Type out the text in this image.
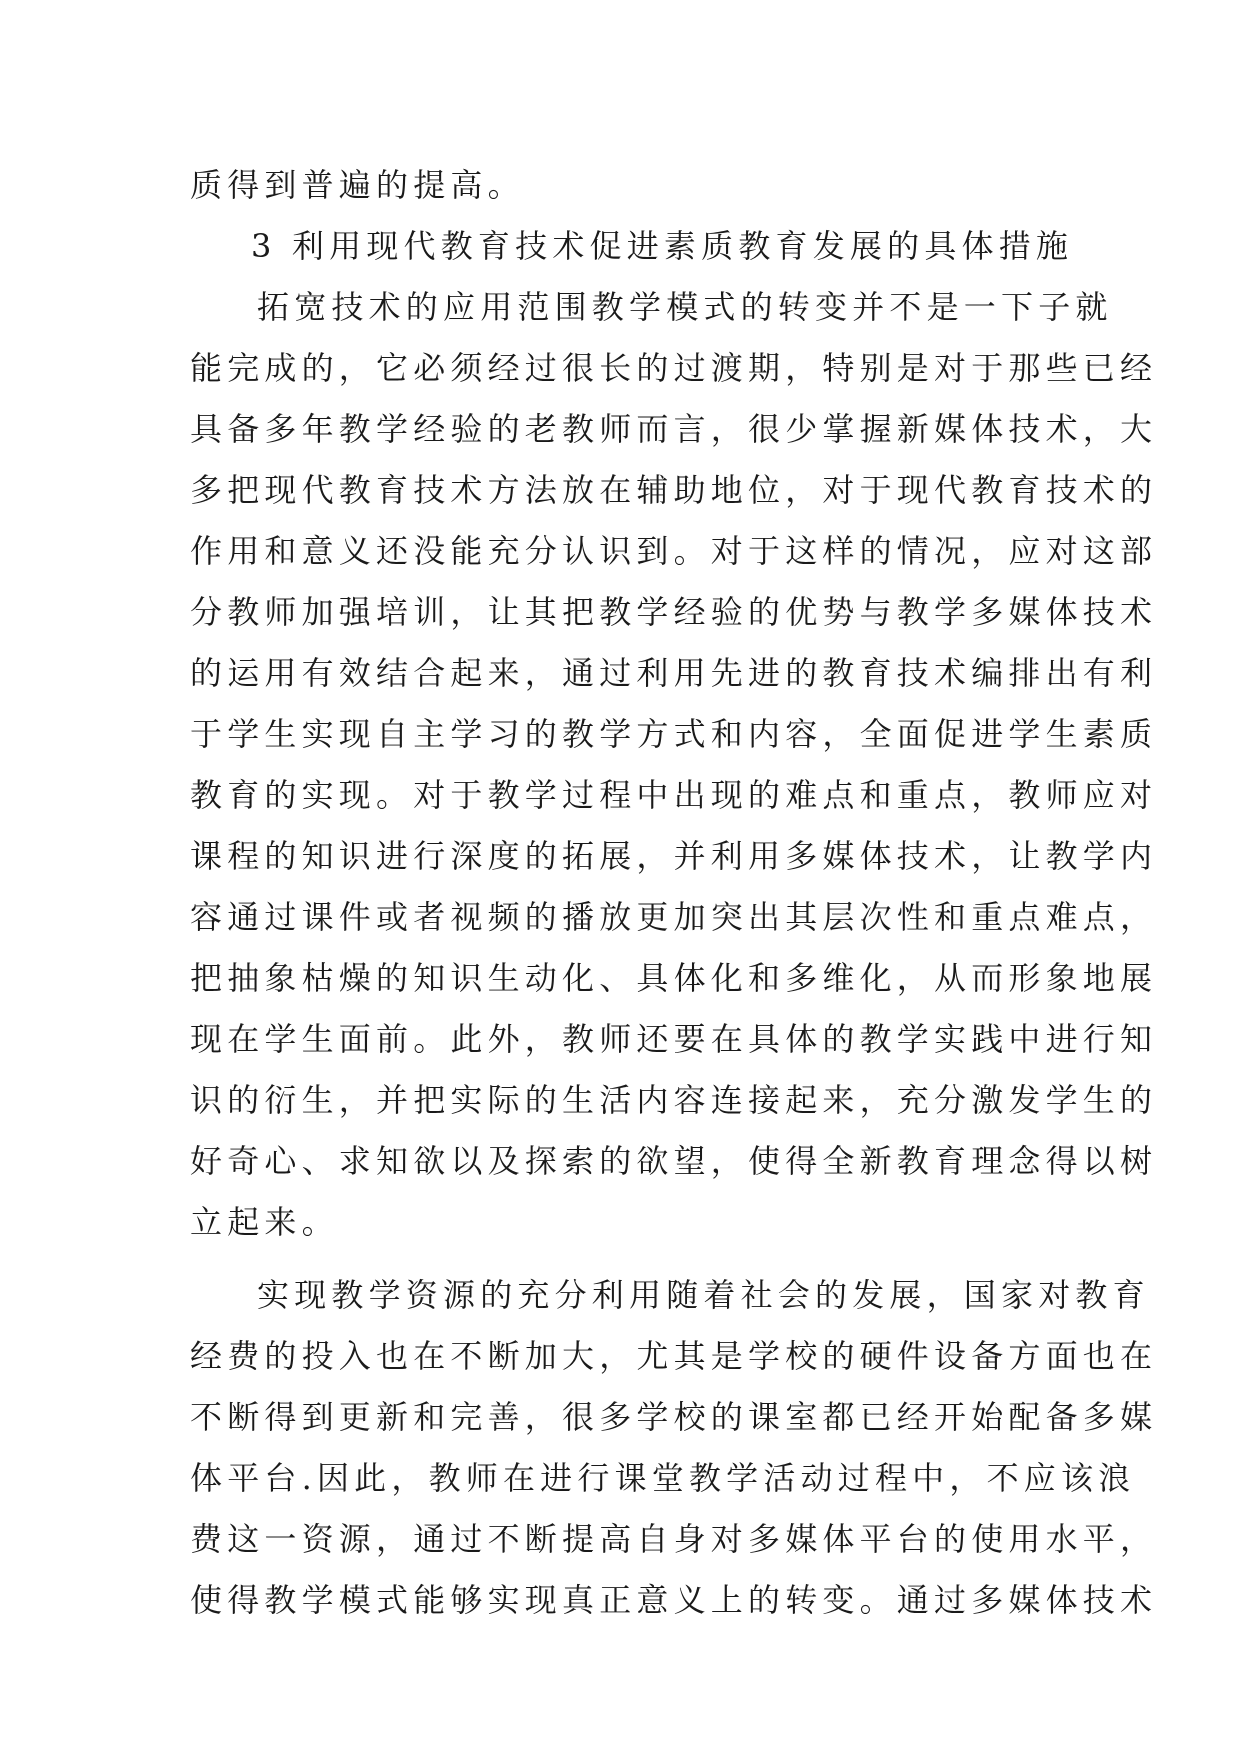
质得到普遍的提高。
3 利用现代教育技术促进素质教育发展的具体措施
拓宽技术的应用范围教学模式的转变并不是一下子就
能完成的，它必须经过很长的过渡期，特别是对于那些已经
具备多年教学经验的老教师而言，很少掌握新媒体技术，大
多把现代教育技术方法放在辅助地位，对于现代教育技术的
作用和意义还没能充分认识到。对于这样的情况，应对这部
分教师加强培训，让其把教学经验的优势与教学多媒体技术
的运用有效结合起来，通过利用先进的教育技术编排出有利
于学生实现自主学习的教学方式和内容，全面促进学生素质
教育的实现。对于教学过程中出现的难点和重点，教师应对
课程的知识进行深度的拓展，并利用多媒体技术，让教学内
容通过课件或者视频的播放更加突出其层次性和重点难点，
把抽象枯燥的知识生动化、具体化和多维化，从而形象地展
现在学生面前。此外，教师还要在具体的教学实践中进行知
识的衍生，并把实际的生活内容连接起来，充分激发学生的
好奇心、求知欲以及探索的欲望，使得全新教育理念得以树
立起来。
实现教学资源的充分利用随着社会的发展，国家对教育
经费的投入也在不断加大，尤其是学校的硬件设备方面也在
不断得到更新和完善，很多学校的课室都已经开始配备多媒
体平台.因此，教师在进行课堂教学活动过程中，不应该浪
费这一资源，通过不断提高自身对多媒体平台的使用水平，
使得教学模式能够实现真正意义上的转变。通过多媒体技术
